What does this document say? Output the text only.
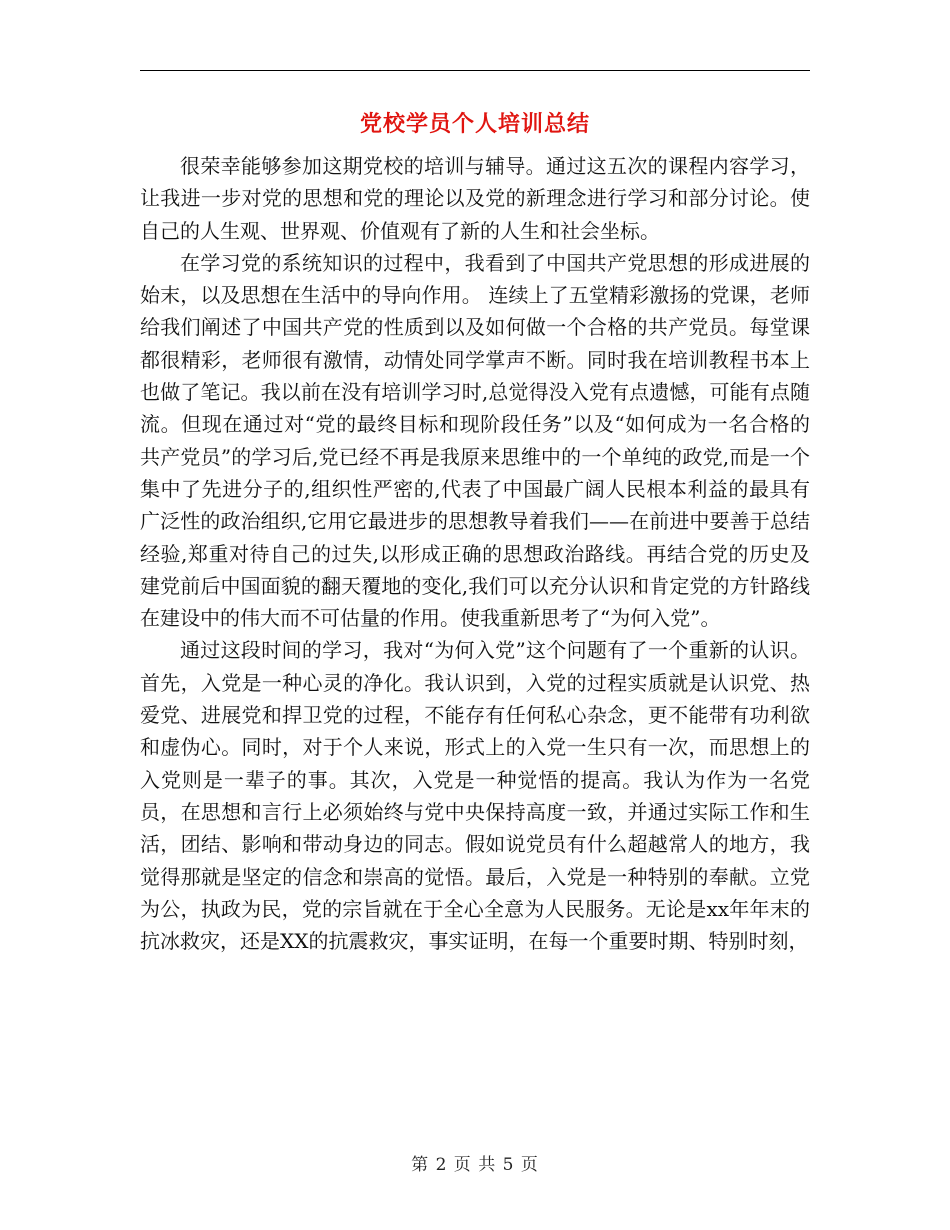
党校学员个人培训总结

很荣幸能够参加这期党校的培训与辅导。通过这五次的课程内容学习，让我进一步对党的思想和党的理论以及党的新理念进行学习和部分讨论。使自己的人生观、世界观、价值观有了新的人生和社会坐标。

在学习党的系统知识的过程中，我看到了中国共产党思想的形成进展的始末，以及思想在生活中的导向作用。 连续上了五堂精彩激扬的党课，老师给我们阐述了中国共产党的性质到以及如何做一个合格的共产党员。每堂课都很精彩，老师很有激情，动情处同学掌声不断。同时我在培训教程书本上也做了笔记。我以前在没有培训学习时,总觉得没入党有点遗憾，可能有点随流。但现在通过对“党的最终目标和现阶段任务”以及“如何成为一名合格的共产党员”的学习后,党已经不再是我原来思维中的一个单纯的政党,而是一个集中了先进分子的,组织性严密的,代表了中国最广阔人民根本利益的最具有广泛性的政治组织,它用它最进步的思想教导着我们——在前进中要善于总结经验,郑重对待自己的过失,以形成正确的思想政治路线。再结合党的历史及建党前后中国面貌的翻天覆地的变化,我们可以充分认识和肯定党的方针路线在建设中的伟大而不可估量的作用。使我重新思考了“为何入党”。

通过这段时间的学习，我对“为何入党”这个问题有了一个重新的认识。首先，入党是一种心灵的净化。我认识到，入党的过程实质就是认识党、热爱党、进展党和捍卫党的过程，不能存有任何私心杂念，更不能带有功利欲和虚伪心。同时，对于个人来说，形式上的入党一生只有一次，而思想上的入党则是一辈子的事。其次，入党是一种觉悟的提高。我认为作为一名党员，在思想和言行上必须始终与党中央保持高度一致，并通过实际工作和生活，团结、影响和带动身边的同志。假如说党员有什么超越常人的地方，我觉得那就是坚定的信念和崇高的觉悟。最后，入党是一种特别的奉献。立党为公，执政为民，党的宗旨就在于全心全意为人民服务。无论是xx年年末的抗冰救灾，还是XX的抗震救灾，事实证明，在每一个重要时期、特别时刻，

第 2 页 共 5 页
